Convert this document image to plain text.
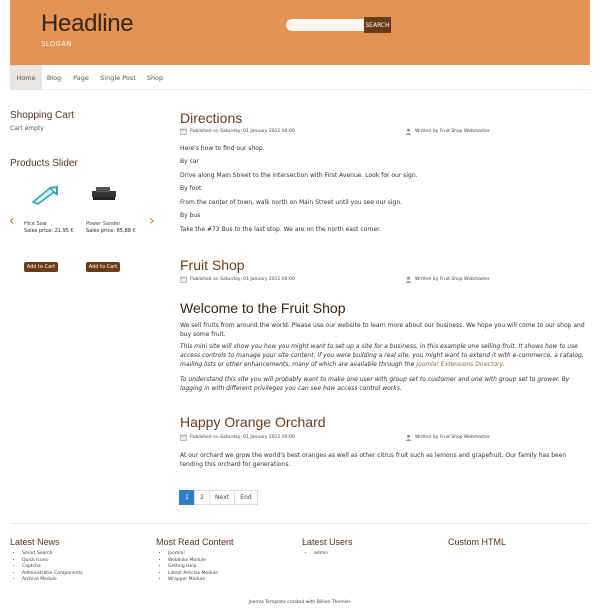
Headline
SLOGAN
SEARCH
Home	Blog	Page	Single Post	Shop
Shopping Cart
Cart empty
Products Slider
‹	›
Hice Saw
Sales price: 21,95 €
Add to Cart
Power Sander
Sales price: 65,88 €
Add to Cart
Directions
Published on Saturday, 01 January 2011 00:00	Written by Fruit Shop Webmaster
Here's how to find our shop.
By car
Drive along Main Street to the intersection with First Avenue. Look for our sign.
By foot
From the center of town, walk north on Main Street until you see our sign.
By bus
Take the #73 Bus to the last stop. We are on the north east corner.
Fruit Shop
Published on Saturday, 01 January 2011 00:00	Written by Fruit Shop Webmaster
Welcome to the Fruit Shop
We sell fruits from around the world. Please use our website to learn more about our business. We hope you will come to our shop and buy some fruit.
This mini site will show you how you might want to set up a site for a business, in this example one selling fruit. It shows how to use access controls to manage your site content. If you were building a real site, you might want to extend it with e-commerce, a catalog, mailing lists or other enhancements, many of which are available through the Joomla! Extensions Directory.
To understand this site you will probably want to make one user with group set to customer and one with group set to grower. By logging in with different privileges you can see how access control works.
Happy Orange Orchard
Published on Saturday, 01 January 2011 00:00	Written by Fruit Shop Webmaster
At our orchard we grow the world's best oranges as well as other citrus fruit such as lemons and grapefruit. Our family has been tending this orchard for generations.
1	2	Next	End
Latest News
• Smart Search
• Quick Icons
• Captcha
• Administrator Components
• Archive Module
Most Read Content
• Joomla!
• Weblinks Module
• Getting Help
• Latest Articles Module
• Wrapper Module
Latest Users
• admin
Custom HTML
Joomla Template created with Billion Themler.
